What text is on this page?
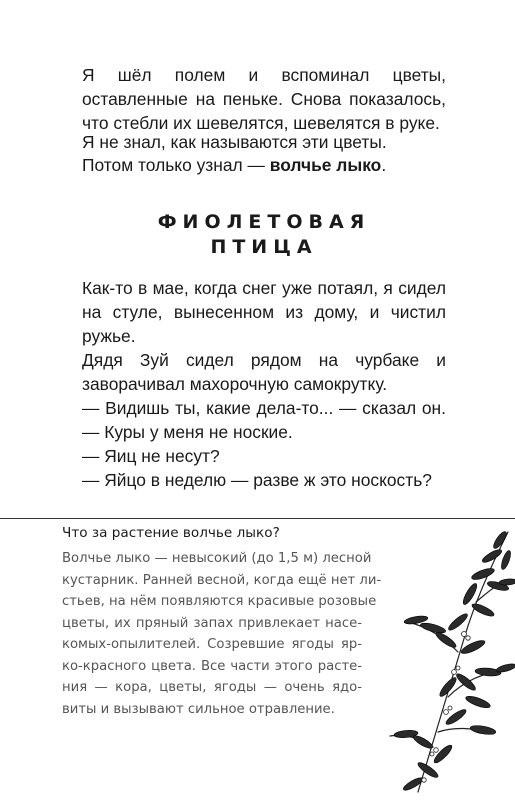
Я шёл полем и вспоминал цветы, оставленные на пеньке. Снова показалось, что стебли их шевелятся, шевелятся в руке.

Я не знал, как называются эти цветы.

Потом только узнал — волчье лыко.

ФИОЛЕТОВАЯ
ПТИЦА

Как-то в мае, когда снег уже потаял, я сидел на стуле, вынесенном из дому, и чистил ружье.

Дядя Зуй сидел рядом на чурбаке и заворачивал махорочную самокрутку.

— Видишь ты, какие дела-то... — сказал он. — Куры у меня не ноские.

— Яиц не несут?

— Яйцо в неделю — разве ж это носкость?

Что за растение волчье лыко?
Волчье лыко — невысокий (до 1,5 м) лесной
кустарник. Ранней весной, когда ещё нет ли-
стьев, на нём появляются красивые розовые
цветы, их пряный запах привлекает насе-
комых-опылителей. Созревшие ягоды яр-
ко-красного цвета. Все части этого расте-
ния — кора, цветы, ягоды — очень ядо-
виты и вызывают сильное отравление.
